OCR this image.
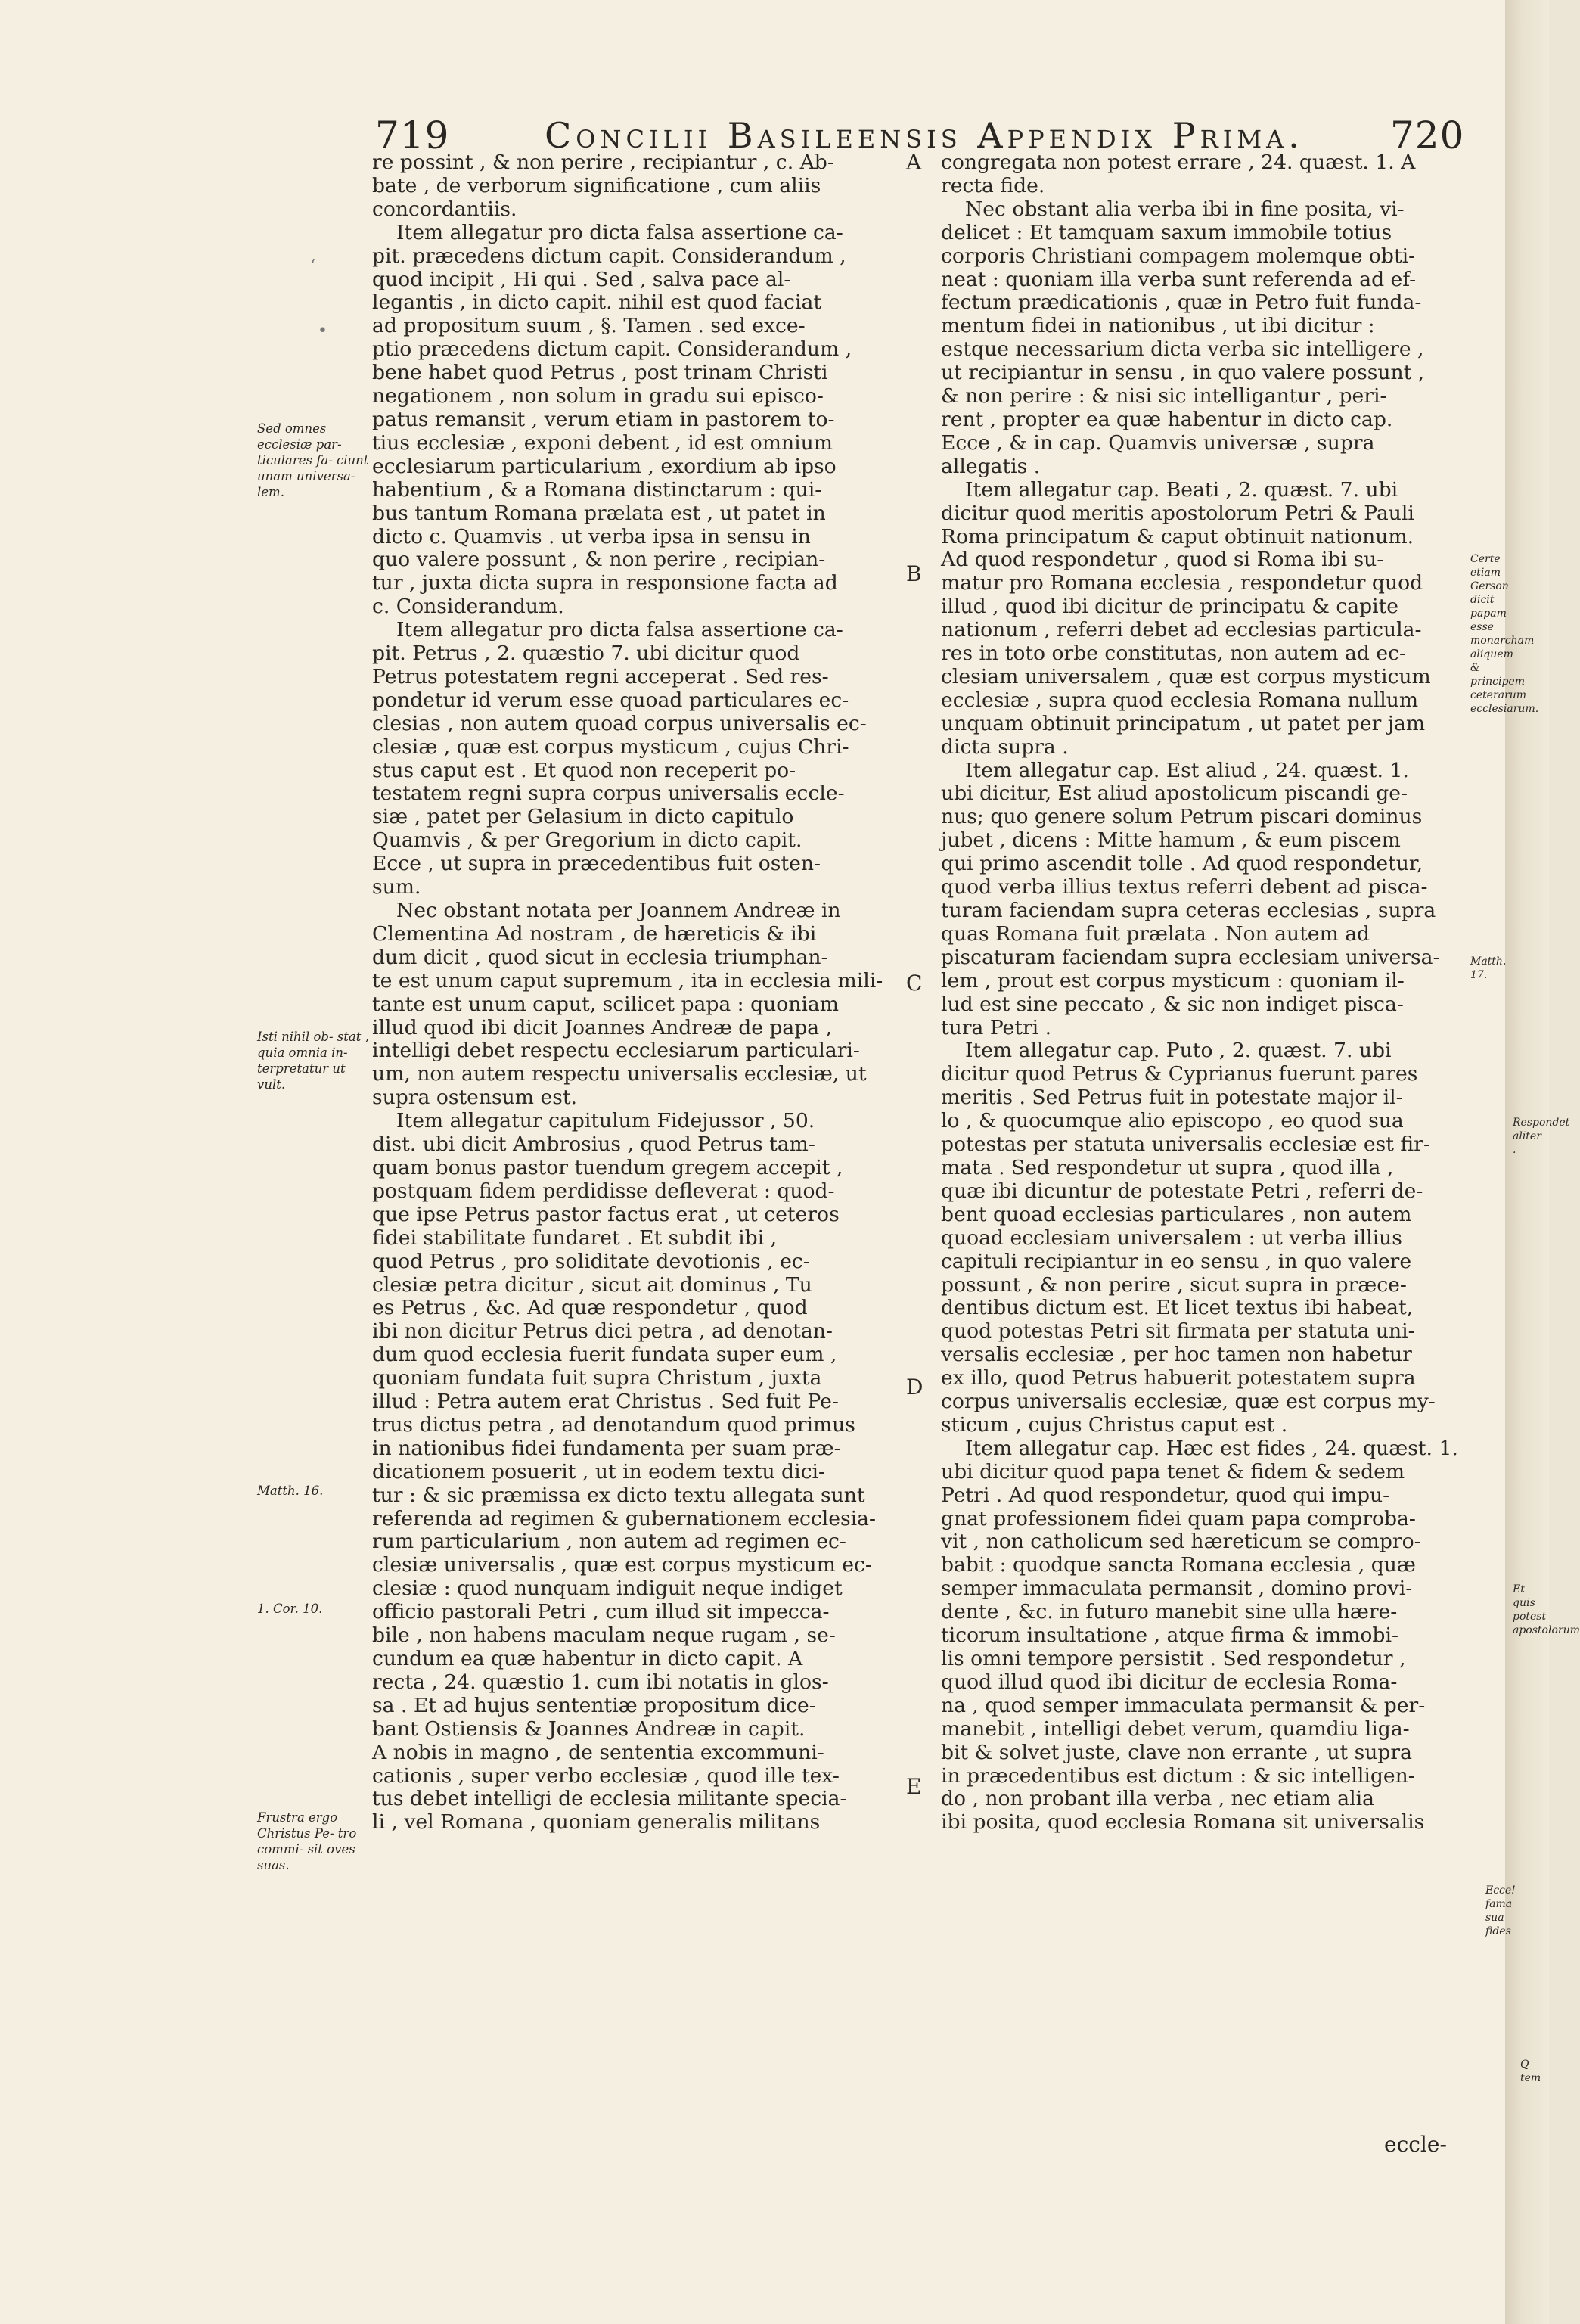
719	Concilii Basileensis Appendix Prima. 720

re possint , & non perire , recipiantur , c. Ab-

bate , de verborum significatione , cum aliis

concordantiis.

Item allegatur pro dicta falsa assertione ca-

pit. præcedens dictum capit. Considerandum ,

quod incipit , Hi qui . Sed , salva pace al-

legantis , in dicto capit. nihil est quod faciat

ad propositum suum , §. Tamen . sed exce-

ptio præcedens dictum capit. Considerandum ,

bene habet quod Petrus , post trinam Christi

negationem , non solum in gradu sui episco-

patus remansit , verum etiam in pastorem to-

tius ecclesiæ , exponi debent , id est omnium

ecclesiarum particularium , exordium ab ipso

habentium , & a Romana distinctarum : qui-

bus tantum Romana prælata est , ut patet in

dicto c. Quamvis . ut verba ipsa in sensu in

quo valere possunt , & non perire , recipian-

tur , juxta dicta supra in responsione facta ad

c. Considerandum.

Item allegatur pro dicta falsa assertione ca-

pit. Petrus , 2. quæstio 7. ubi dicitur quod

Petrus potestatem regni acceperat . Sed res-

pondetur id verum esse quoad particulares ec-

clesias , non autem quoad corpus universalis ec-

clesiæ , quæ est corpus mysticum , cujus Chri-

stus caput est . Et quod non receperit po-

testatem regni supra corpus universalis eccle-

siæ , patet per Gelasium in dicto capitulo

Quamvis , & per Gregorium in dicto capit.

Ecce , ut supra in præcedentibus fuit osten-

sum.

Nec obstant notata per Joannem Andreæ in

Clementina Ad nostram , de hæreticis & ibi

dum dicit , quod sicut in ecclesia triumphan-

te est unum caput supremum , ita in ecclesia mili-

tante est unum caput, scilicet papa : quoniam

illud quod ibi dicit Joannes Andreæ de papa ,

intelligi debet respectu ecclesiarum particulari-

um, non autem respectu universalis ecclesiæ, ut

supra ostensum est.

Item allegatur capitulum Fidejussor , 50.

dist. ubi dicit Ambrosius , quod Petrus tam-

quam bonus pastor tuendum gregem accepit ,

postquam fidem perdidisse defleverat : quod-

que ipse Petrus pastor factus erat , ut ceteros

fidei stabilitate fundaret . Et subdit ibi ,

quod Petrus , pro soliditate devotionis , ec-

clesiæ petra dicitur , sicut ait dominus , Tu

es Petrus , &c. Ad quæ respondetur , quod

ibi non dicitur Petrus dici petra , ad denotan-

dum quod ecclesia fuerit fundata super eum ,

quoniam fundata fuit supra Christum , juxta

illud : Petra autem erat Christus . Sed fuit Pe-

trus dictus petra , ad denotandum quod primus

in nationibus fidei fundamenta per suam præ-

dicationem posuerit , ut in eodem textu dici-

tur : & sic præmissa ex dicto textu allegata sunt

referenda ad regimen & gubernationem ecclesia-

rum particularium , non autem ad regimen ec-

clesiæ universalis , quæ est corpus mysticum ec-

clesiæ : quod nunquam indiguit neque indiget

officio pastorali Petri , cum illud sit impecca-

bile , non habens maculam neque rugam , se-

cundum ea quæ habentur in dicto capit. A

recta , 24. quæstio 1. cum ibi notatis in glos-

sa . Et ad hujus sententiæ propositum dice-

bant Ostiensis & Joannes Andreæ in capit.

A nobis in magno , de sententia excommuni-

cationis , super verbo ecclesiæ , quod ille tex-

tus debet intelligi de ecclesia militante specia-

li , vel Romana , quoniam generalis militans

congregata non potest errare , 24. quæst. 1. A

recta fide.

Nec obstant alia verba ibi in fine posita, vi-

delicet : Et tamquam saxum immobile totius

corporis Christiani compagem molemque obti-

neat : quoniam illa verba sunt referenda ad ef-

fectum prædicationis , quæ in Petro fuit funda-

mentum fidei in nationibus , ut ibi dicitur :

estque necessarium dicta verba sic intelligere ,

ut recipiantur in sensu , in quo valere possunt ,

& non perire : & nisi sic intelligantur , peri-

rent , propter ea quæ habentur in dicto cap.

Ecce , & in cap. Quamvis universæ , supra

allegatis .

Item allegatur cap. Beati , 2. quæst. 7. ubi

dicitur quod meritis apostolorum Petri & Pauli

Roma principatum & caput obtinuit nationum.

Ad quod respondetur , quod si Roma ibi su-

matur pro Romana ecclesia , respondetur quod

illud , quod ibi dicitur de principatu & capite

nationum , referri debet ad ecclesias particula-

res in toto orbe constitutas, non autem ad ec-

clesiam universalem , quæ est corpus mysticum

ecclesiæ , supra quod ecclesia Romana nullum

unquam obtinuit principatum , ut patet per jam

dicta supra .

Item allegatur cap. Est aliud , 24. quæst. 1.

ubi dicitur, Est aliud apostolicum piscandi ge-

nus; quo genere solum Petrum piscari dominus

jubet , dicens : Mitte hamum , & eum piscem

qui primo ascendit tolle . Ad quod respondetur,

quod verba illius textus referri debent ad pisca-

turam faciendam supra ceteras ecclesias , supra

quas Romana fuit prælata . Non autem ad

piscaturam faciendam supra ecclesiam universa-

lem , prout est corpus mysticum : quoniam il-

lud est sine peccato , & sic non indiget pisca-

tura Petri .

Item allegatur cap. Puto , 2. quæst. 7. ubi

dicitur quod Petrus & Cyprianus fuerunt pares

meritis . Sed Petrus fuit in potestate major il-

lo , & quocumque alio episcopo , eo quod sua

potestas per statuta universalis ecclesiæ est fir-

mata . Sed respondetur ut supra , quod illa ,

quæ ibi dicuntur de potestate Petri , referri de-

bent quoad ecclesias particulares , non autem

quoad ecclesiam universalem : ut verba illius

capituli recipiantur in eo sensu , in quo valere

possunt , & non perire , sicut supra in præce-

dentibus dictum est. Et licet textus ibi habeat,

quod potestas Petri sit firmata per statuta uni-

versalis ecclesiæ , per hoc tamen non habetur

ex illo, quod Petrus habuerit potestatem supra

corpus universalis ecclesiæ, quæ est corpus my-

sticum , cujus Christus caput est .

Item allegatur cap. Hæc est fides , 24. quæst. 1.

ubi dicitur quod papa tenet & fidem & sedem

Petri . Ad quod respondetur, quod qui impu-

gnat professionem fidei quam papa comproba-

vit , non catholicum sed hæreticum se compro-

babit : quodque sancta Romana ecclesia , quæ

semper immaculata permansit , domino provi-

dente , &c. in futuro manebit sine ulla hære-

ticorum insultatione , atque firma & immobi-

lis omni tempore persistit . Sed respondetur ,

quod illud quod ibi dicitur de ecclesia Roma-

na , quod semper immaculata permansit & per-

manebit , intelligi debet verum, quamdiu liga-

bit & solvet juste, clave non errante , ut supra

in præcedentibus est dictum : & sic intelligen-

do , non probant illa verba , nec etiam alia

ibi posita, quod ecclesia Romana sit universalis

A
B
C
D
E
‘
•
Sed omnes ecclesiæ par- ticulares fa- ciunt unam universa- lem.
Isti nihil ob- stat , quia omnia in- terpretatur ut vult.
Matth. 16.
1. Cor. 10.
Frustra ergo Christus Pe- tro commi- sit oves suas.
Certe etiam Gerson dicit papam esse monarcham aliquem & principem ceterarum ecclesiarum.
Matth. 17.
Respondet aliter .
Et quis potest apostolorum
Ecce! fama sua fides
Q tem
eccle-
